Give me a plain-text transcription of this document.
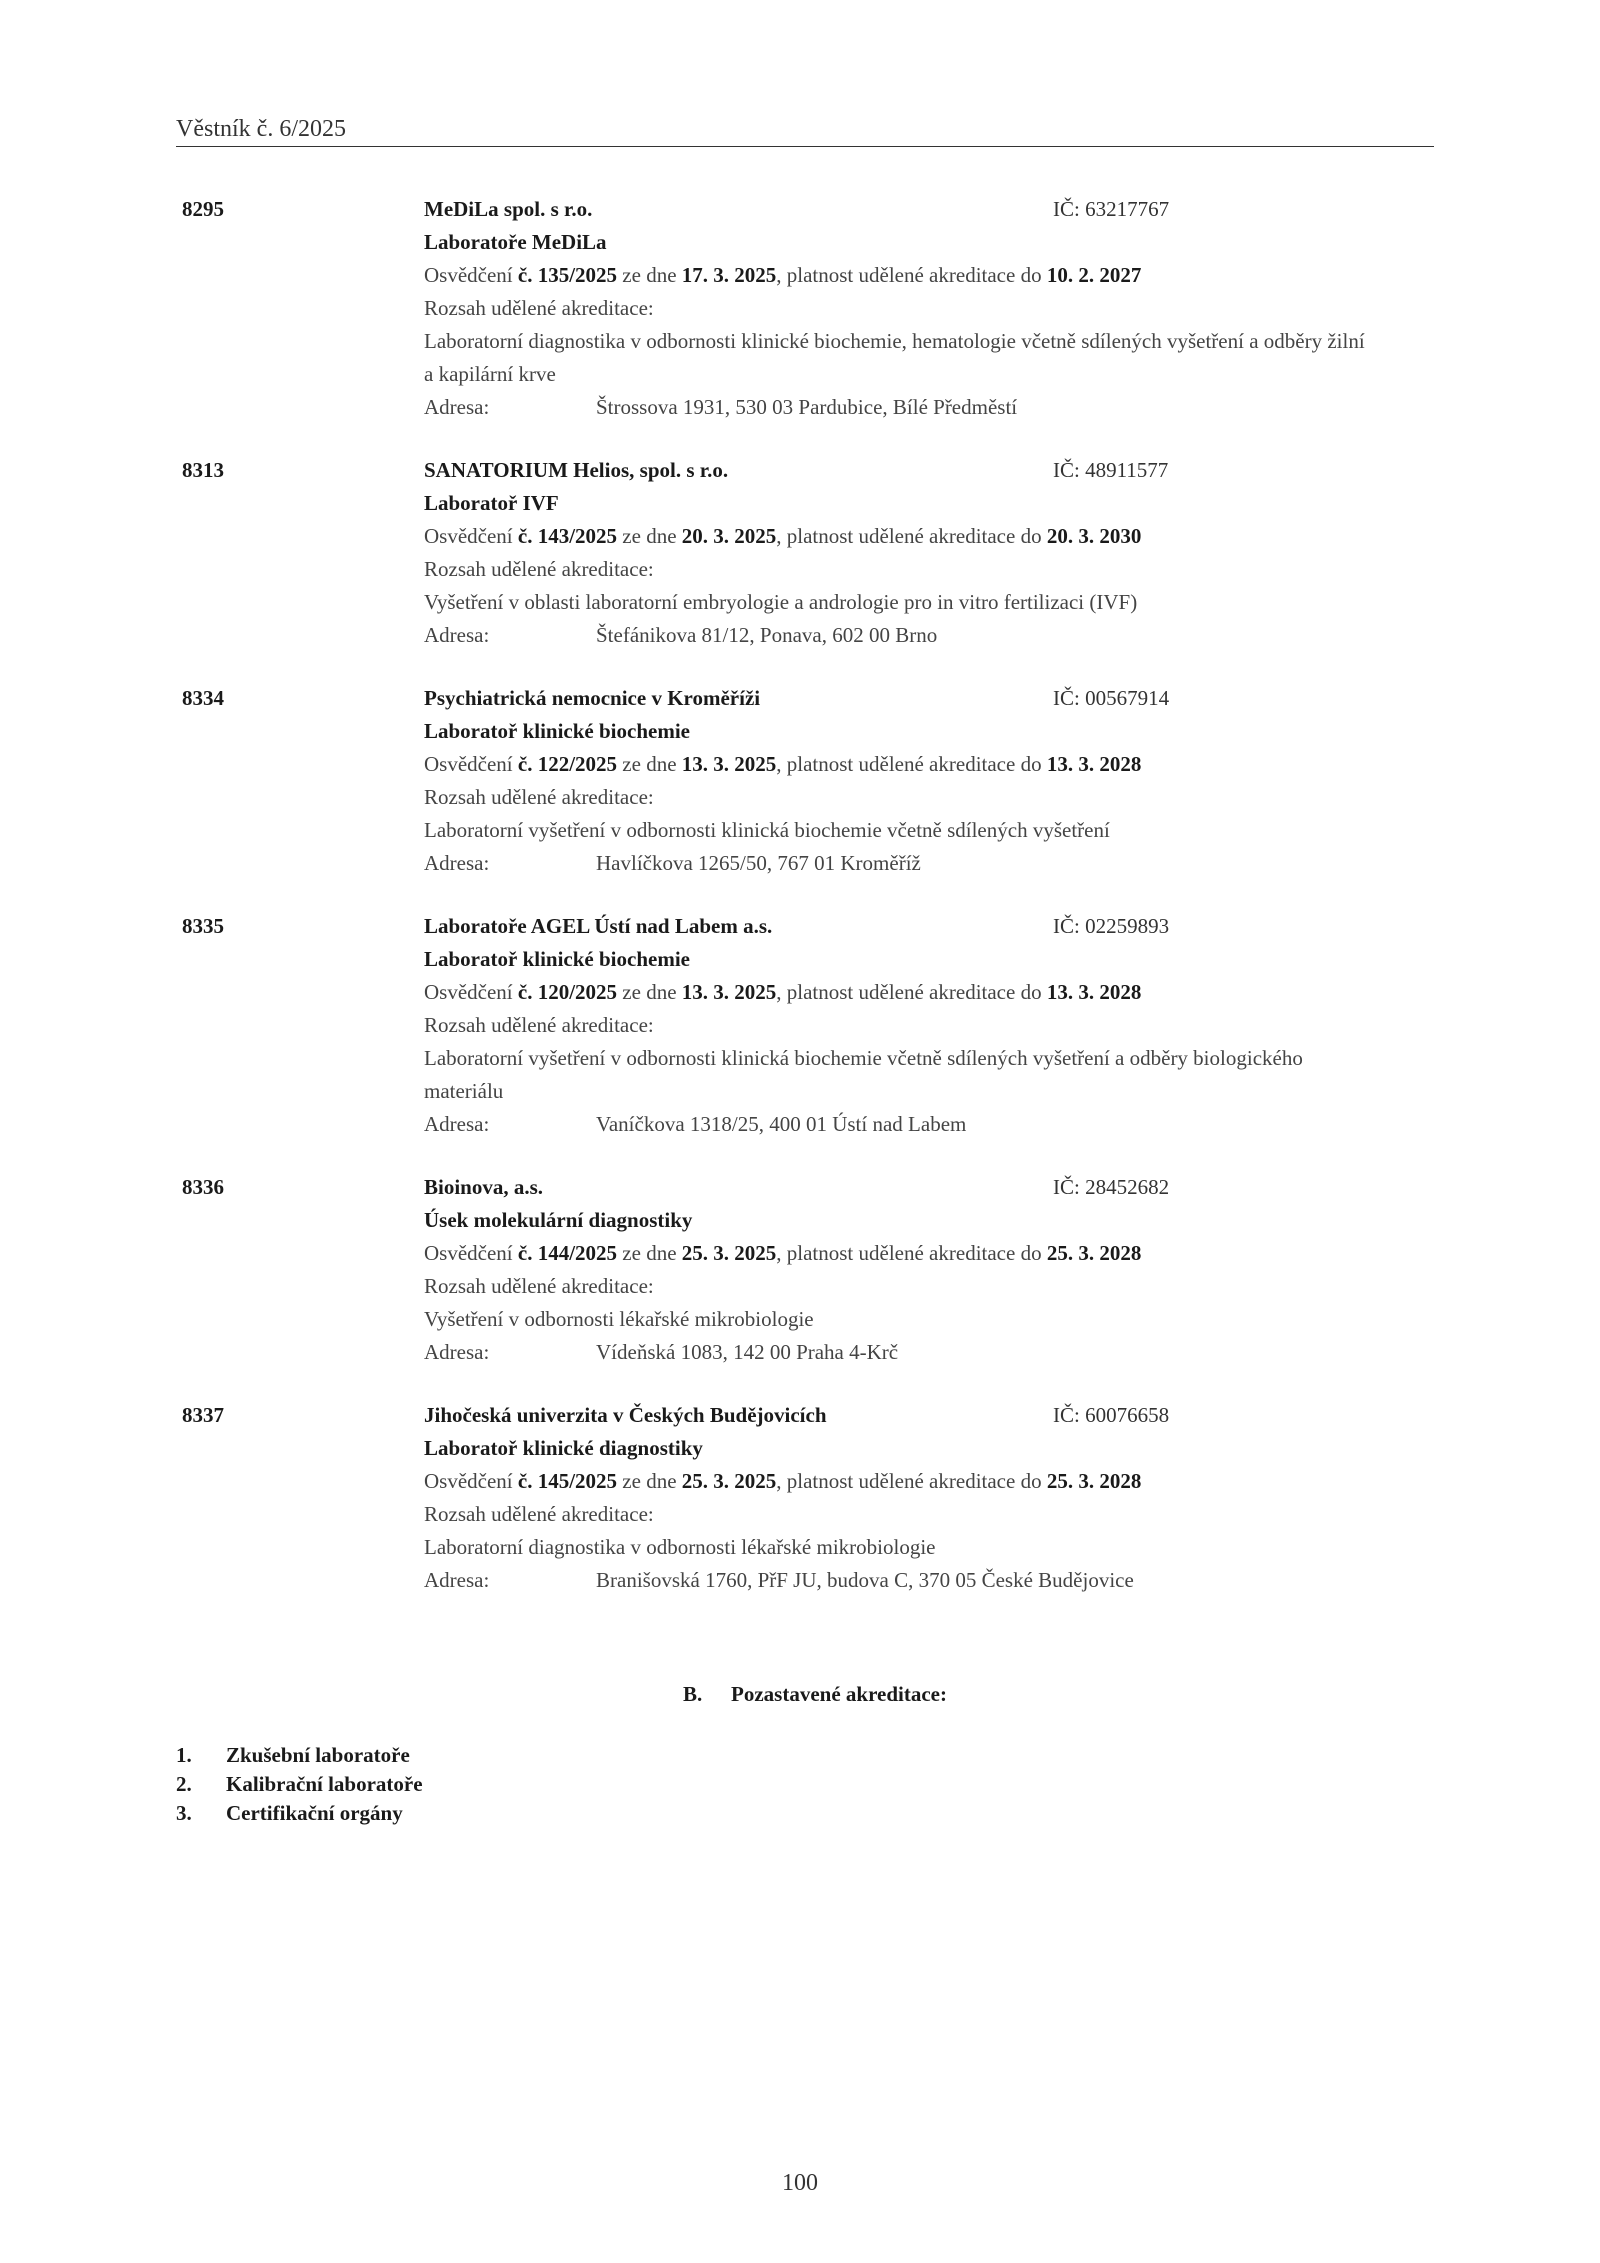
Věstník č. 6/2025
8295	MeDiLa spol. s r.o.	IČ: 63217767
Laboratoře MeDiLa
Osvědčení č. 135/2025 ze dne 17. 3. 2025, platnost udělené akreditace do 10. 2. 2027
Rozsah udělené akreditace:
Laboratorní diagnostika v odbornosti klinické biochemie, hematologie včetně sdílených vyšetření a odběry žilní a kapilární krve
Adresa:	Štrossova 1931, 530 03 Pardubice, Bílé Předměstí
8313	SANATORIUM Helios, spol. s r.o.	IČ: 48911577
Laboratoř IVF
Osvědčení č. 143/2025 ze dne 20. 3. 2025, platnost udělené akreditace do 20. 3. 2030
Rozsah udělené akreditace:
Vyšetření v oblasti laboratorní embryologie a andrologie pro in vitro fertilizaci (IVF)
Adresa:	Štefánikova 81/12, Ponava, 602 00 Brno
8334	Psychiatrická nemocnice v Kroměříži	IČ: 00567914
Laboratoř klinické biochemie
Osvědčení č. 122/2025 ze dne 13. 3. 2025, platnost udělené akreditace do 13. 3. 2028
Rozsah udělené akreditace:
Laboratorní vyšetření v odbornosti klinická biochemie včetně sdílených vyšetření
Adresa:	Havlíčkova 1265/50, 767 01 Kroměříž
8335	Laboratoře AGEL Ústí nad Labem a.s.	IČ: 02259893
Laboratoř klinické biochemie
Osvědčení č. 120/2025 ze dne 13. 3. 2025, platnost udělené akreditace do 13. 3. 2028
Rozsah udělené akreditace:
Laboratorní vyšetření v odbornosti klinická biochemie včetně sdílených vyšetření a odběry biologického materiálu
Adresa:	Vaníčkova 1318/25, 400 01 Ústí nad Labem
8336	Bioinova, a.s.	IČ: 28452682
Úsek molekulární diagnostiky
Osvědčení č. 144/2025 ze dne 25. 3. 2025, platnost udělené akreditace do 25. 3. 2028
Rozsah udělené akreditace:
Vyšetření v odbornosti lékařské mikrobiologie
Adresa:	Vídeňská 1083, 142 00 Praha 4-Krč
8337	Jihočeská univerzita v Českých Budějovicích	IČ: 60076658
Laboratoř klinické diagnostiky
Osvědčení č. 145/2025 ze dne 25. 3. 2025, platnost udělené akreditace do 25. 3. 2028
Rozsah udělené akreditace:
Laboratorní diagnostika v odbornosti lékařské mikrobiologie
Adresa:	Branišovská 1760, PřF JU, budova C, 370 05 České Budějovice
B. Pozastavené akreditace:
1. Zkušební laboratoře
2. Kalibrační laboratoře
3. Certifikační orgány
100
